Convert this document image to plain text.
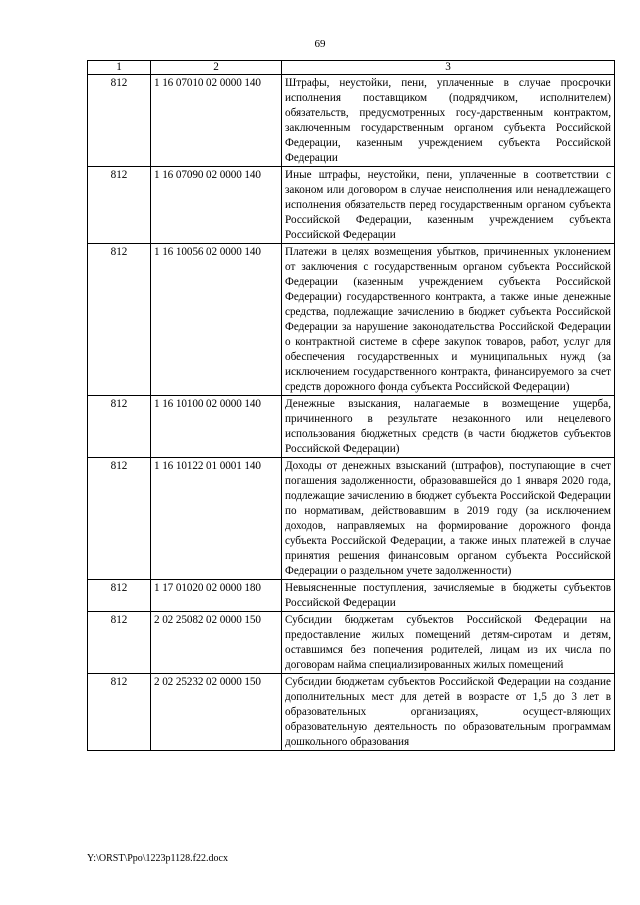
69
1	2	3
812	1 16 07010 02 0000 140	Штрафы, неустойки, пени, уплаченные в случае просрочки исполнения поставщиком (подрядчиком, исполнителем) обязательств, предусмотренных госу-дарственным контрактом, заключенным государственным органом субъекта Российской Федерации, казенным учреждением субъекта Российской Федерации
812	1 16 07090 02 0000 140	Иные штрафы, неустойки, пени, уплаченные в соответствии с законом или договором в случае неисполнения или ненадлежащего исполнения обязательств перед государственным органом субъекта Российской Федерации, казенным учреждением субъекта Российской Федерации
812	1 16 10056 02 0000 140	Платежи в целях возмещения убытков, причиненных уклонением от заключения с государственным органом субъекта Российской Федерации (казенным учреждением субъекта Российской Федерации) государственного контракта, а также иные денежные средства, подлежащие зачислению в бюджет субъекта Российской Федерации за нарушение законодательства Российской Федерации о контрактной системе в сфере закупок товаров, работ, услуг для обеспечения государственных и муниципальных нужд (за исключением государственного контракта, финансируемого за счет средств дорожного фонда субъекта Российской Федерации)
812	1 16 10100 02 0000 140	Денежные взыскания, налагаемые в возмещение ущерба, причиненного в результате незаконного или нецелевого использования бюджетных средств (в части бюджетов субъектов Российской Федерации)
812	1 16 10122 01 0001 140	Доходы от денежных взысканий (штрафов), поступающие в счет погашения задолженности, образовавшейся до 1 января 2020 года, подлежащие зачислению в бюджет субъекта Российской Федерации по нормативам, действовавшим в 2019 году (за исключением доходов, направляемых на формирование дорожного фонда субъекта Российской Федерации, а также иных платежей в случае принятия решения финансовым органом субъекта Российской Федерации о раздельном учете задолженности)
812	1 17 01020 02 0000 180	Невыясненные поступления, зачисляемые в бюджеты субъектов Российской Федерации
812	2 02 25082 02 0000 150	Субсидии бюджетам субъектов Российской Федерации на предоставление жилых помещений детям-сиротам и детям, оставшимся без попечения родителей, лицам из их числа по договорам найма специализированных жилых помещений
812	2 02 25232 02 0000 150	Субсидии бюджетам субъектов Российской Федерации на создание дополнительных мест для детей в возрасте от 1,5 до 3 лет в образовательных организациях, осущест-вляющих образовательную деятельность по образовательным программам дошкольного образования
Y:\ORST\Ppo\1223p1128.f22.docx
